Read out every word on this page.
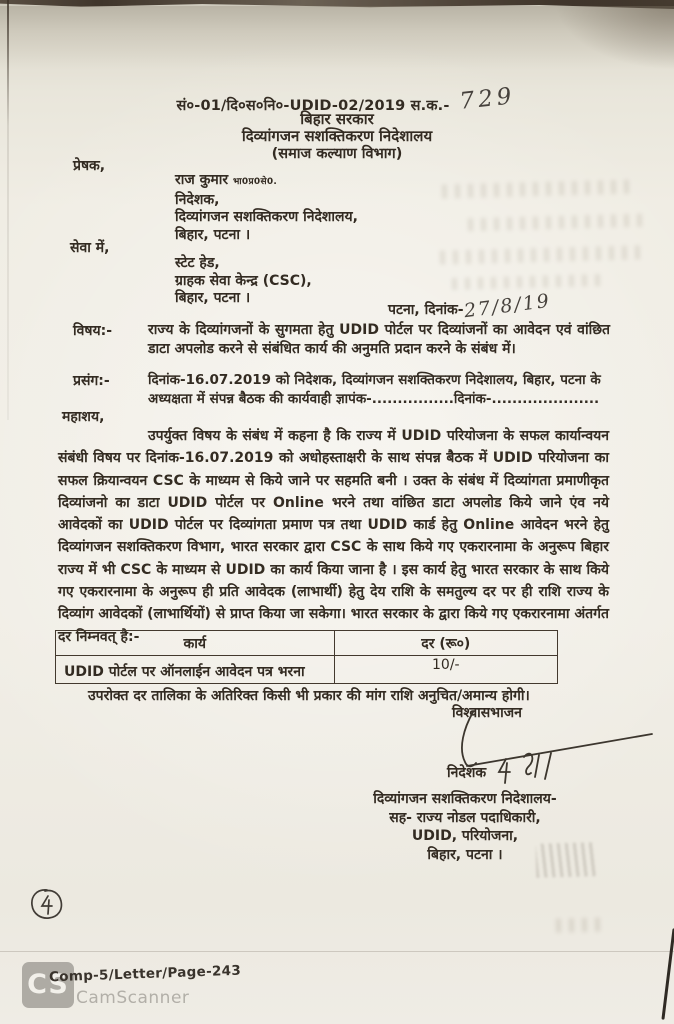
सं०-01/दि०स०नि०-UDID-02/2019 स.क.- 729
बिहार सरकार
दिव्यांगजन सशक्तिकरण निदेशालय
(समाज कल्याण विभाग)
प्रेषक,
राज कुमार भा0प्र0से0.
निदेशक,
दिव्यांगजन सशक्तिकरण निदेशालय,
बिहार, पटना ।
सेवा में,
स्टेट हेड,
ग्राहक सेवा केन्द्र (CSC),
बिहार, पटना ।
पटना, दिनांक-27/8/19
विषय:-	राज्य के दिव्यांगजनों के सुगमता हेतु UDID पोर्टल पर दिव्यांजनों का आवेदन एवं वांछित डाटा अपलोड करने से संबंधित कार्य की अनुमति प्रदान करने के संबंध में।
प्रसंग:-	दिनांक-16.07.2019 को निदेशक, दिव्यांगजन सशक्तिकरण निदेशालय, बिहार, पटना के अध्यक्षता में संपन्न बैठक की कार्यवाही ज्ञापंक-................दिनांक-.....................
महाशय,
उपर्युक्त विषय के संबंध में कहना है कि राज्य में UDID परियोजना के सफल कार्यान्वयन संबंधी विषय पर दिनांक-16.07.2019 को अधोहस्ताक्षरी के साथ संपन्न बैठक में UDID परियोजना का सफल क्रियान्वयन CSC के माध्यम से किये जाने पर सहमति बनी । उक्त के संबंध में दिव्यांगता प्रमाणीकृत दिव्यांजनो का डाटा UDID पोर्टल पर Online भरने तथा वांछित डाटा अपलोड किये जाने एंव नये आवेदकों का UDID पोर्टल पर दिव्यांगता प्रमाण पत्र तथा UDID कार्ड हेतु Online आवेदन भरने हेतु दिव्यांगजन सशक्तिकरण विभाग, भारत सरकार द्वारा CSC के साथ किये गए एकरारनामा के अनुरूप बिहार राज्य में भी CSC के माध्यम से UDID का कार्य किया जाना है । इस कार्य हेतु भारत सरकार के साथ किये गए एकरारनामा के अनुरूप ही प्रति आवेदक (लाभार्थी) हेतु देय राशि के समतुल्य दर पर ही राशि राज्य के दिव्यांग आवेदकों (लाभार्थियों) से प्राप्त किया जा सकेगा। भारत सरकार के द्वारा किये गए एकरारनामा अंतर्गत दर निम्नवत् है:-	कार्य	दर (रू०)
UDID पोर्टल पर ऑनलाईन आवेदन पत्र भरना	10/-
उपरोक्त दर तालिका के अतिरिक्त किसी भी प्रकार की मांग राशि अनुचित/अमान्य होगी।
विश्वासभाजन
निदेशक
दिव्यांगजन सशक्तिकरण निदेशालय-
सह- राज्य नोडल पदाधिकारी,
UDID, परियोजना,
बिहार, पटना ।
CS
Comp-5/Letter/Page-243
CamScanner
